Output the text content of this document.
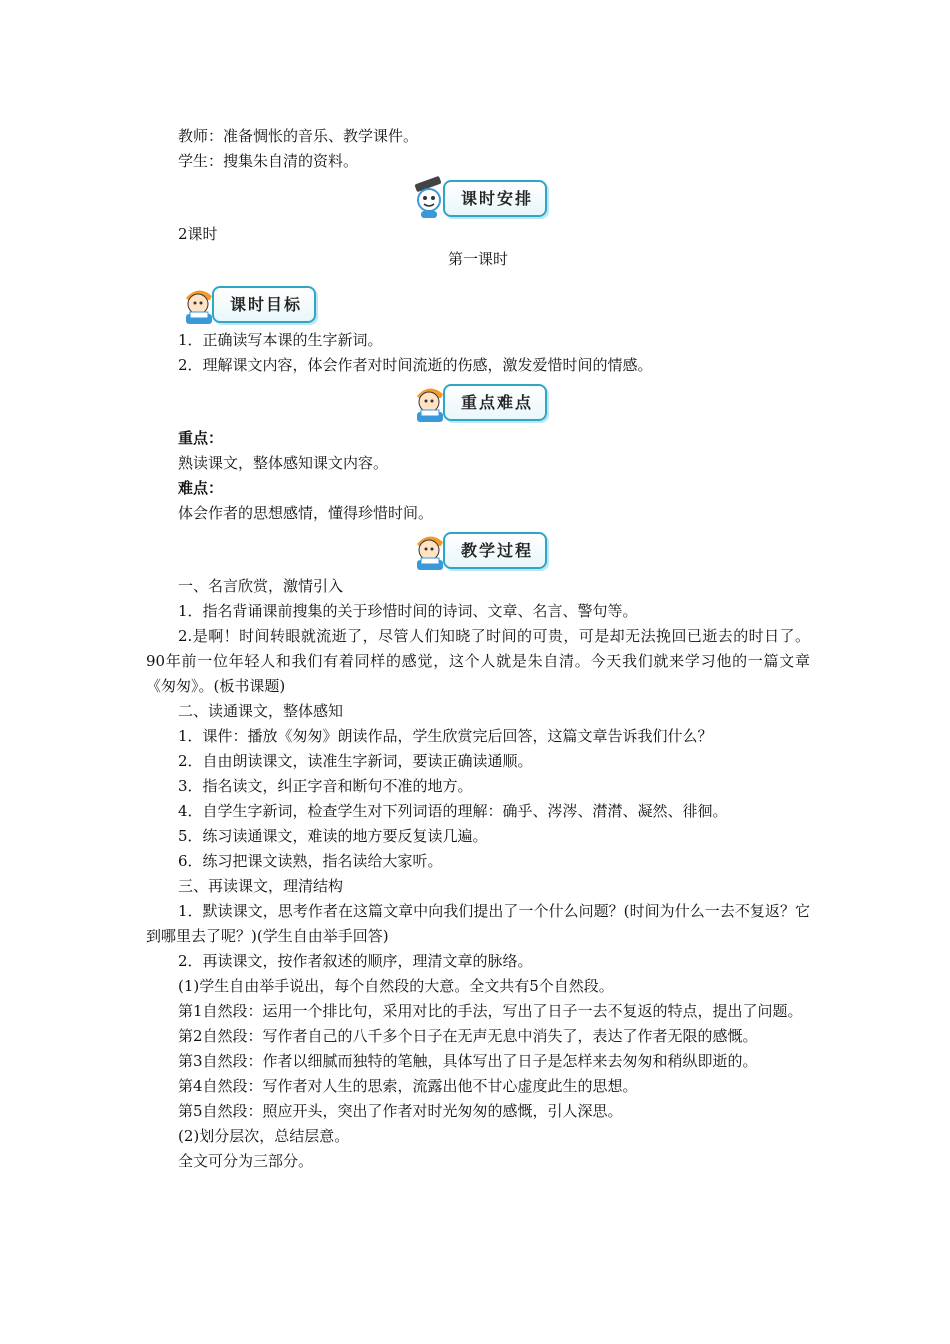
教师：准备惆怅的音乐、教学课件。

学生：搜集朱自清的资料。

课时安排

2课时

第一课时

课时目标

1．正确读写本课的生字新词。

2．理解课文内容，体会作者对时间流逝的伤感，激发爱惜时间的情感。

重点难点

重点：

熟读课文，整体感知课文内容。

难点：

体会作者的思想感情，懂得珍惜时间。

教学过程

一、名言欣赏，激情引入

1．指名背诵课前搜集的关于珍惜时间的诗词、文章、名言、警句等。

2.是啊！时间转眼就流逝了，尽管人们知晓了时间的可贵，可是却无法挽回已逝去的时日了。90年前一位年轻人和我们有着同样的感觉，这个人就是朱自清。今天我们就来学习他的一篇文章《匆匆》。(板书课题)

二、读通课文，整体感知

1．课件：播放《匆匆》朗读作品，学生欣赏完后回答，这篇文章告诉我们什么？

2．自由朗读课文，读准生字新词，要读正确读通顺。

3．指名读文，纠正字音和断句不准的地方。

4．自学生字新词，检查学生对下列词语的理解：确乎、涔涔、潸潸、凝然、徘徊。

5．练习读通课文，难读的地方要反复读几遍。

6．练习把课文读熟，指名读给大家听。

三、再读课文，理清结构

1．默读课文，思考作者在这篇文章中向我们提出了一个什么问题？(时间为什么一去不复返？它到哪里去了呢？)(学生自由举手回答)

2．再读课文，按作者叙述的顺序，理清文章的脉络。

(1)学生自由举手说出，每个自然段的大意。全文共有5个自然段。

第1自然段：运用一个排比句，采用对比的手法，写出了日子一去不复返的特点，提出了问题。

第2自然段：写作者自己的八千多个日子在无声无息中消失了，表达了作者无限的感慨。

第3自然段：作者以细腻而独特的笔触，具体写出了日子是怎样来去匆匆和稍纵即逝的。

第4自然段：写作者对人生的思索，流露出他不甘心虚度此生的思想。

第5自然段：照应开头，突出了作者对时光匆匆的感慨，引人深思。

(2)划分层次，总结层意。

全文可分为三部分。
